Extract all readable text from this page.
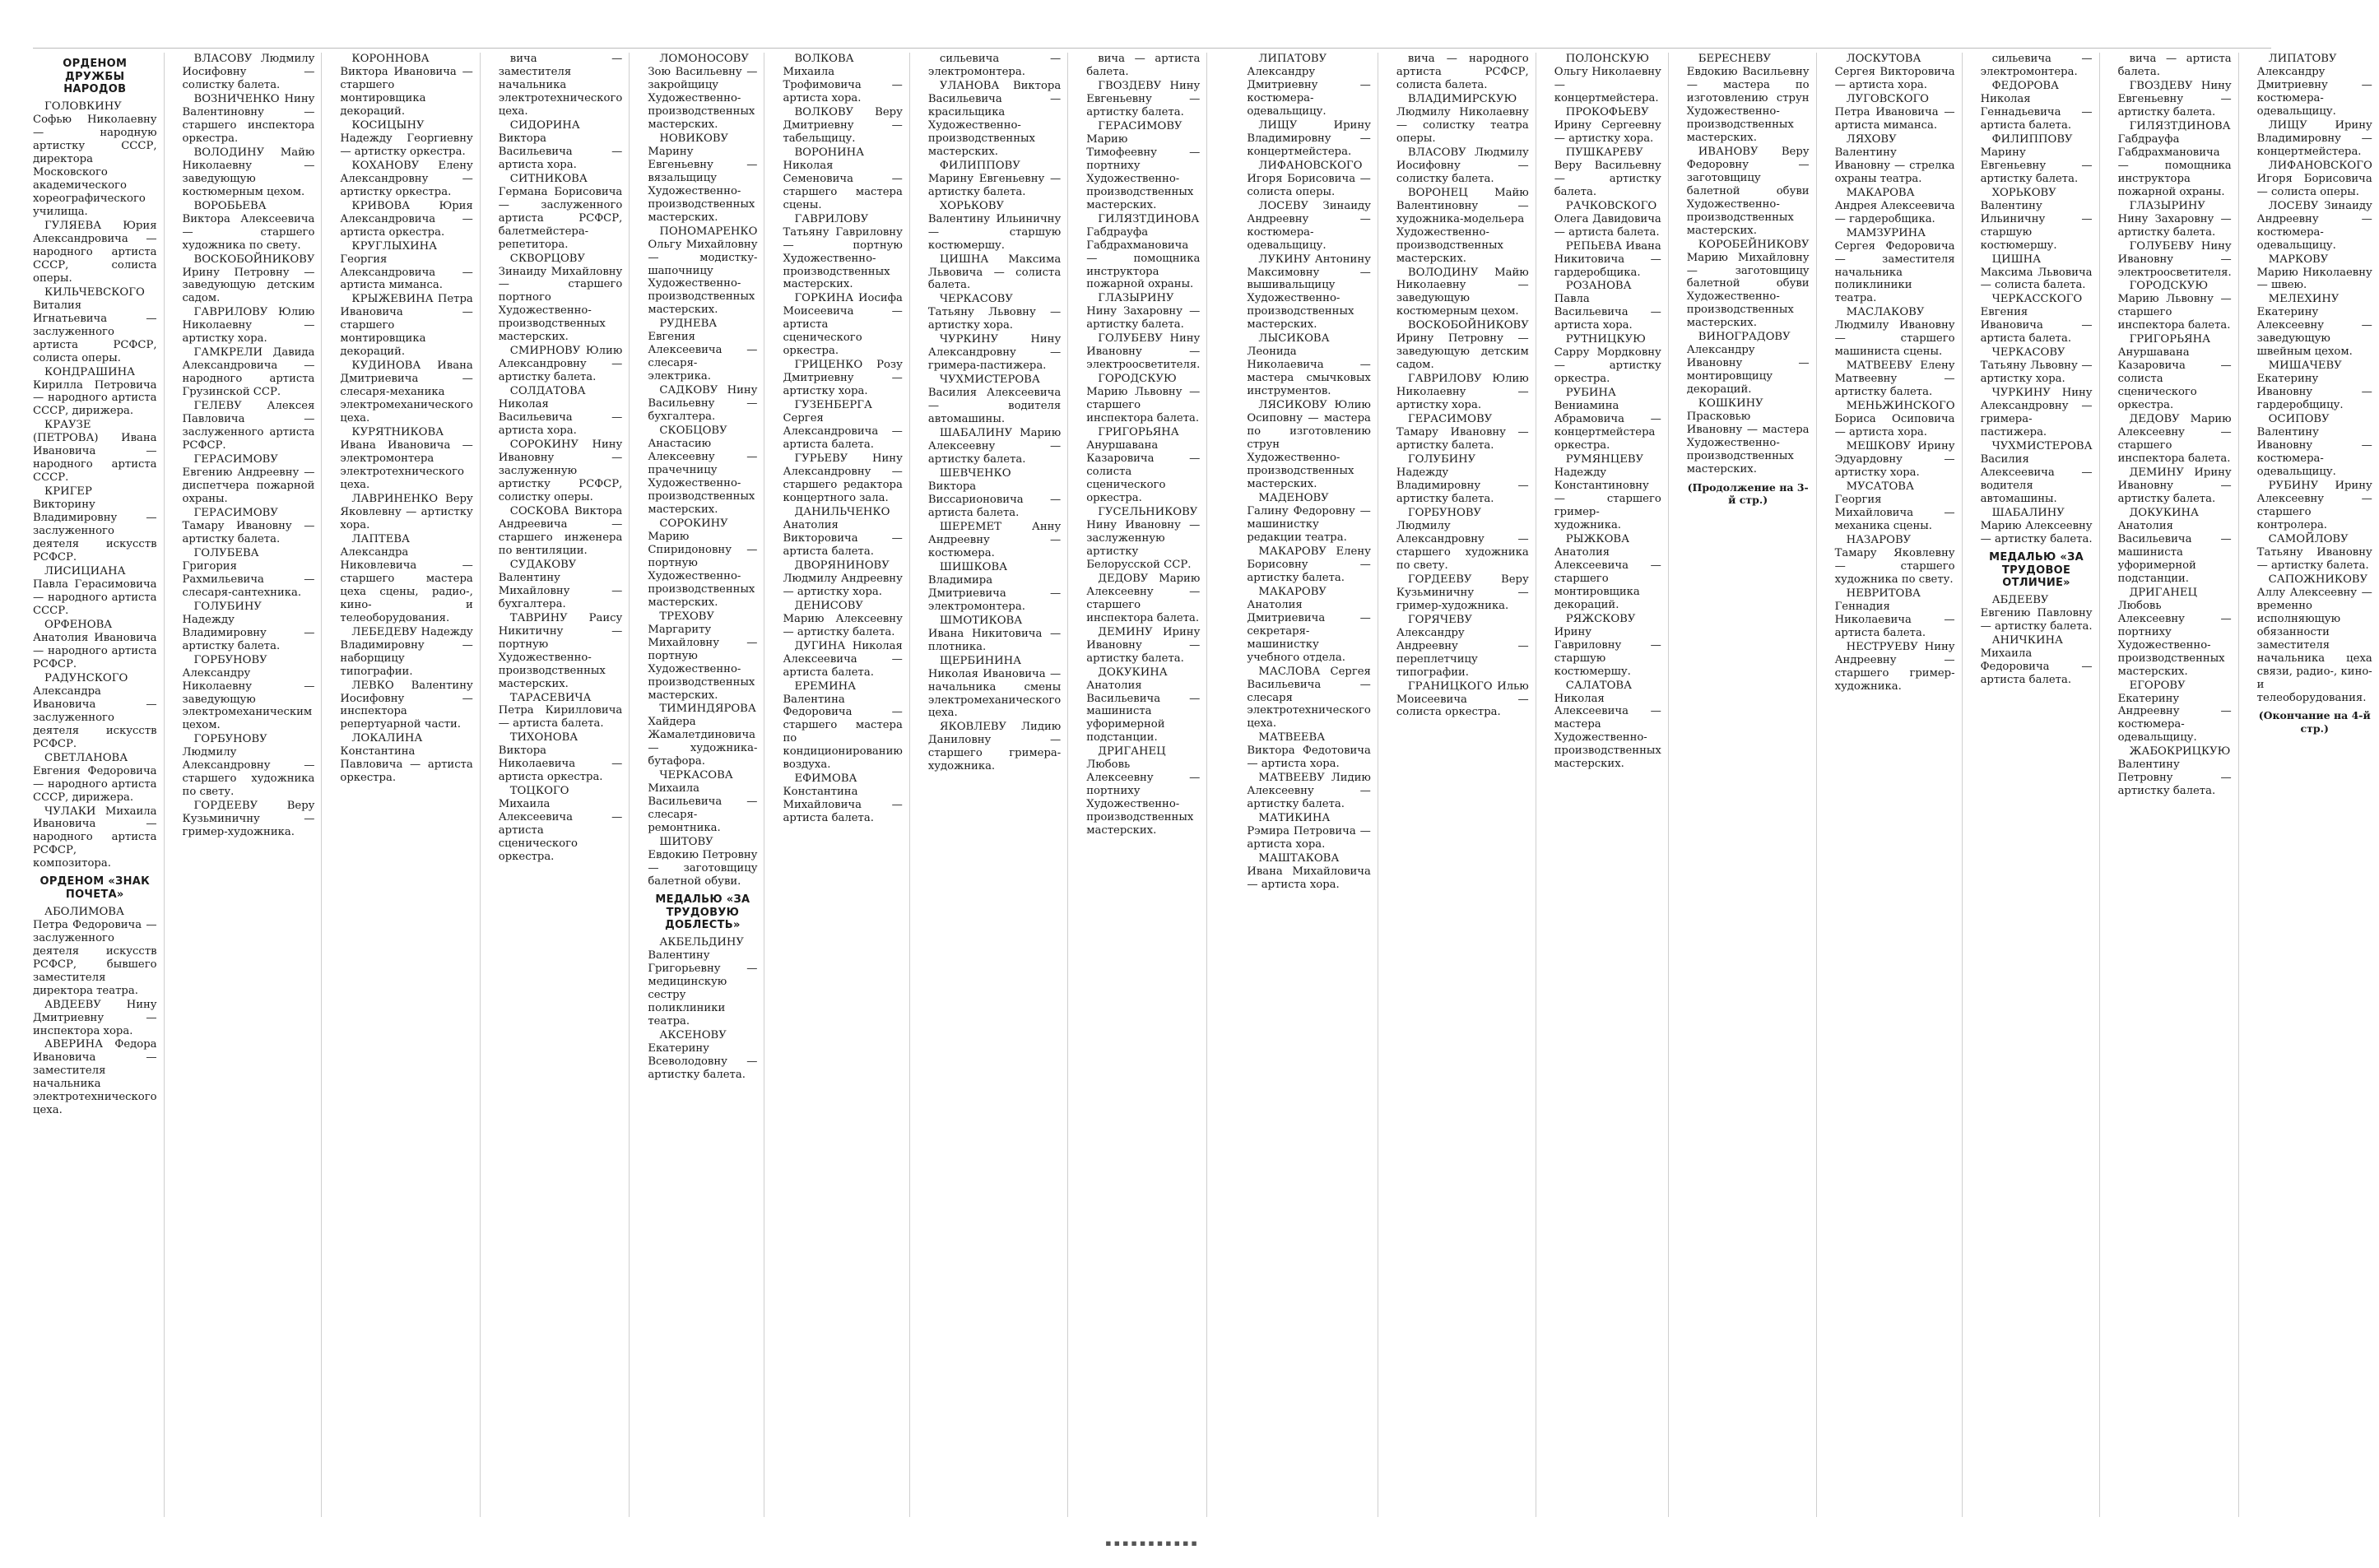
ОРДЕНОМ ДРУЖБЫ НАРОДОВ

ГОЛОВКИНУ Софью Николаевну — народную артистку СССР, директора Московского академического хореографического училища.

ГУЛЯЕВА Юрия Александровича — народного артиста СССР, солиста оперы.

КИЛЬЧЕВСКОГО Виталия Игнатьевича — заслуженного артиста РСФСР, солиста оперы.

КОНДРАШИНА Кирилла Петровича — народного артиста СССР, дирижера.

КРАУЗЕ (ПЕТРОВА) Ивана Ивановича — народного артиста СССР.

КРИГЕР Викторину Владимировну — заслуженного деятеля искусств РСФСР.

ЛИСИЦИАНА Павла Герасимовича — народного артиста СССР.

ОРФЕНОВА Анатолия Ивановича — народного артиста РСФСР.

РАДУНСКОГО Александра Ивановича — заслуженного деятеля искусств РСФСР.

СВЕТЛАНОВА Евгения Федоровича — народного артиста СССР, дирижера.

ЧУЛАКИ Михаила Ивановича — народного артиста РСФСР, композитора.

ОРДЕНОМ «ЗНАК ПОЧЕТА»

АБОЛИМОВА Петра Федоровича — заслуженного деятеля искусств РСФСР, бывшего заместителя директора театра.

АВДЕЕВУ Нину Дмитриевну — инспектора хора.

АВЕРИНА Федора Ивановича — заместителя начальника электротехнического цеха.

ВЛАСОВУ Людмилу Иосифовну — солистку балета.

ВОЗНИЧЕНКО Нину Валентиновну — старшего инспектора оркестра.

ВОЛОДИНУ Майю Николаевну — заведующую костюмерным цехом.

ВОРОБЬЕВА Виктора Алексеевича — старшего художника по свету.

ВОСКОБОЙНИКОВУ Ирину Петровну — заведующую детским садом.

ГАВРИЛОВУ Юлию Николаевну — артистку хора.

ГАМКРЕЛИ Давида Александровича — народного артиста Грузинской ССР.

ГЕЛЕВУ Алексея Павловича — заслуженного артиста РСФСР.

ГЕРАСИМОВУ Евгению Андреевну — диспетчера пожарной охраны.

ГЕРАСИМОВУ Тамару Ивановну — артистку балета.

ГОЛУБЕВА Григория Рахмильевича — слесаря-сантехника.

ГОЛУБИНУ Надежду Владимировну — артистку балета.

ГОРБУНОВУ Александру Николаевну — заведующую электромеханическим цехом.

ГОРБУНОВУ Людмилу Александровну — старшего художника по свету.

ГОРДЕЕВУ Веру Кузьминичну — гример-художника.

КОРОННОВА Виктора Ивановича — старшего монтировщика декораций.

КОСИЦЫНУ Надежду Георгиевну — артистку оркестра.

КОХАНОВУ Елену Александровну — артистку оркестра.

КРИВОВА Юрия Александровича — артиста оркестра.

КРУГЛЫХИНА Георгия Александровича — артиста миманса.

КРЫЖЕВИНА Петра Ивановича — старшего монтировщика декораций.

КУДИНОВА Ивана Дмитриевича — слесаря-механика электромеханического цеха.

КУРЯТНИКОВА Ивана Ивановича — электромонтера электротехнического цеха.

ЛАВРИНЕНКО Веру Яковлевну — артистку хора.

ЛАПТЕВА Александра Никовлевича — старшего мастера цеха сцены, радио-, кино- и телеоборудования.

ЛЕБЕДЕВУ Надежду Владимировну — наборщицу типографии.

ЛЕВКО Валентину Иосифовну — инспектора репертуарной части.

ЛОКАЛИНА Константина Павловича — артиста оркестра.

вича — заместителя начальника электротехнического цеха.

СИДОРИНА Виктора Васильевича — артиста хора.

СИТНИКОВА Германа Борисовича — заслуженного артиста РСФСР, балетмейстера-репетитора.

СКВОРЦОВУ Зинаиду Михайловну — старшего портного Художественно-производственных мастерских.

СМИРНОВУ Юлию Александровну — артистку балета.

СОЛДАТОВА Николая Васильевича — артиста хора.

СОРОКИНУ Нину Ивановну — заслуженную артистку РСФСР, солистку оперы.

СОСКОВА Виктора Андреевича — старшего инженера по вентиляции.

СУДАКОВУ Валентину Михайловну — бухгалтера.

ТАВРИНУ Раису Никитичну — портную Художественно-производственных мастерских.

ТАРАСЕВИЧА Петра Кирилловича — артиста балета.

ТИХОНОВА Виктора Николаевича — артиста оркестра.

ТОЦКОГО Михаила Алексеевича — артиста сценического оркестра.

ЛОМОНОСОВУ Зою Васильевну — закройщицу Художественно-производственных мастерских.

НОВИКОВУ Марину Евгеньевну — вязальщицу Художественно-производственных мастерских.

ПОНОМАРЕНКО Ольгу Михайловну — модистку-шапочницу Художественно-производственных мастерских.

РУДНЕВА Евгения Алексеевича — слесаря-электрика.

САДКОВУ Нину Васильевну — бухгалтера.

СКОБЦОВУ Анастасию Алексеевну — прачечницу Художественно-производственных мастерских.

СОРОКИНУ Марию Спиридоновну — портную Художественно-производственных мастерских.

ТРЕХОВУ Маргариту Михайловну — портную Художественно-производственных мастерских.

ТИМИНДЯРОВА Хайдера Жамалетдиновича — художника-бутафора.

ЧЕРКАСОВА Михаила Васильевича — слесаря-ремонтника.

ШИТОВУ Евдокию Петровну — заготовщицу балетной обуви.

МЕДАЛЬЮ «ЗА ТРУДОВУЮ ДОБЛЕСТЬ»

АКБЕЛЬДИНУ Валентину Григорьевну — медицинскую сестру поликлиники театра.

АКСЕНОВУ Екатерину Всеволодовну — артистку балета.

ВОЛКОВА Михаила Трофимовича — артиста хора.

ВОЛКОВУ Веру Дмитриевну — табельщицу.

ВОРОНИНА Николая Семеновича — старшего мастера сцены.

ГАВРИЛОВУ Татьяну Гавриловну — портную Художественно-производственных мастерских.

ГОРКИНА Иосифа Моисеевича — артиста сценического оркестра.

ГРИЦЕНКО Розу Дмитриевну — артистку хора.

ГУЗЕНБЕРГА Сергея Александровича — артиста балета.

ГУРЬЕВУ Нину Александровну — старшего редактора концертного зала.

ДАНИЛЬЧЕНКО Анатолия Викторовича — артиста балета.

ДВОРЯНИНОВУ Людмилу Андреевну — артистку хора.

ДЕНИСОВУ Марию Алексеевну — артистку балета.

ДУГИНА Николая Алексеевича — артиста балета.

ЕРЕМИНА Валентина Федоровича — старшего мастера по кондиционированию воздуха.

ЕФИМОВА Константина Михайловича — артиста балета.

сильевича — электромонтера.

УЛАНОВА Виктора Васильевича — красильщика Художественно-производственных мастерских.

ФИЛИППОВУ Марину Евгеньевну — артистку балета.

ХОРЬКОВУ Валентину Ильиничну — старшую костюмершу.

ЦИШНА Максима Львовича — солиста балета.

ЧЕРКАСОВУ Татьяну Львовну — артистку хора.

ЧУРКИНУ Нину Александровну — гримера-пастижера.

ЧУХМИСТЕРОВА Василия Алексеевича — водителя автомашины.

ШАБАЛИНУ Марию Алексеевну — артистку балета.

ШЕВЧЕНКО Виктора Виссарионовича — артиста балета.

ШЕРЕМЕТ Анну Андреевну — костюмера.

ШИШКОВА Владимира Дмитриевича — электромонтера.

ШМОТИКОВА Ивана Никитовича — плотника.

ЩЕРБИНИНА Николая Ивановича — начальника смены электромеханического цеха.

ЯКОВЛЕВУ Лидию Даниловну — старшего гримера-художника.

вича — артиста балета.

ГВОЗДЕВУ Нину Евгеньевну — артистку балета.

ГЕРАСИМОВУ Марию Тимофеевну — портниху Художественно-производственных мастерских.

ГИЛЯЗТДИНОВА Габдрауфа Габдрахмановича — помощника инструктора пожарной охраны.

ГЛАЗЫРИНУ Нину Захаровну — артистку балета.

ГОЛУБЕВУ Нину Ивановну — электроосветителя.

ГОРОДСКУЮ Марию Львовну — старшего инспектора балета.

ГРИГОРЬЯНА Ануршавана Казаровича — солиста сценического оркестра.

ГУСЕЛЬНИКОВУ Нину Ивановну — заслуженную артистку Белорусской ССР.

ДЕДОВУ Марию Алексеевну — старшего инспектора балета.

ДЕМИНУ Ирину Ивановну — артистку балета.

ДОКУКИНА Анатолия Васильевича — машиниста уфоримерной подстанции.

ДРИГАНЕЦ Любовь Алексеевну — портниху Художественно-производственных мастерских.

ЛИПАТОВУ Александру Дмитриевну — костюмера-одевальщицу.

ЛИЩУ Ирину Владимировну — концертмейстера.

ЛИФАНОВСКОГО Игоря Борисовича — солиста оперы.

ЛОСЕВУ Зинаиду Андреевну — костюмера-одевальщицу.

ЛУКИНУ Антонину Максимовну — вышивальщицу Художественно-производственных мастерских.

ЛЫСИКОВА Леонида Николаевича — мастера смычковых инструментов.

ЛЯСИКОВУ Юлию Осиповну — мастера по изготовлению струн Художественно-производственных мастерских.

МАДЕНОВУ Галину Федоровну — машинистку редакции театра.

МАКАРОВУ Елену Борисовну — артистку балета.

МАКАРОВУ Анатолия Дмитриевича — секретаря-машинистку учебного отдела.

МАСЛОВА Сергея Васильевича — слесаря электротехнического цеха.

МАТВЕЕВА Виктора Федотовича — артиста хора.

МАТВЕЕВУ Лидию Алексеевну — артистку балета.

МАТИКИНА Рэмира Петровича — артиста хора.

МАШТАКОВА Ивана Михайловича — артиста хора.

вича — народного артиста РСФСР, солиста балета.

ВЛАДИМИРСКУЮ Людмилу Николаевну — солистку театра оперы.

ВЛАСОВУ Людмилу Иосифовну — солистку балета.

ВОРОНЕЦ Майю Валентиновну — художника-модельера Художественно-производственных мастерских.

ВОЛОДИНУ Майю Николаевну — заведующую костюмерным цехом.

ВОСКОБОЙНИКОВУ Ирину Петровну — заведующую детским садом.

ГАВРИЛОВУ Юлию Николаевну — артистку хора.

ГЕРАСИМОВУ Тамару Ивановну — артистку балета.

ГОЛУБИНУ Надежду Владимировну — артистку балета.

ГОРБУНОВУ Людмилу Александровну — старшего художника по свету.

ГОРДЕЕВУ Веру Кузьминичну — гример-художника.

ГОРЯЧЕВУ Александру Андреевну — переплетчицу типографии.

ГРАНИЦКОГО Илью Моисеевича — солиста оркестра.

ПОЛОНСКУЮ Ольгу Николаевну — концертмейстера.

ПРОКОФЬЕВУ Ирину Сергеевну — артистку хора.

ПУШКАРЕВУ Веру Васильевну — артистку балета.

РАЧКОВСКОГО Олега Давидовича — артиста балета.

РЕПЬЕВА Ивана Никитовича — гардеробщика.

РОЗАНОВА Павла Васильевича — артиста хора.

РУТНИЦКУЮ Сарру Мордковну — артистку оркестра.

РУБИНА Вениамина Абрамовича — концертмейстера оркестра.

РУМЯНЦЕВУ Надежду Константиновну — старшего гример-художника.

РЫЖКОВА Анатолия Алексеевича — старшего монтировщика декораций.

РЯЖСКОВУ Ирину Гавриловну — старшую костюмершу.

САЛАТОВА Николая Алексеевича — мастера Художественно-производственных мастерских.

БЕРЕСНЕВУ Евдокию Васильевну — мастера по изготовлению струн Художественно-производственных мастерских.

ИВАНОВУ Веру Федоровну — заготовщицу балетной обуви Художественно-производственных мастерских.

КОРОБЕЙНИКОВУ Марию Михайловну — заготовщицу балетной обуви Художественно-производственных мастерских.

ВИНОГРАДОВУ Александру Ивановну — монтировщицу декораций.

КОШКИНУ Прасковью Ивановну — мастера Художественно-производственных мастерских.

(Продолжение на 3-й стр.)

ЛОСКУТОВА Сергея Викторовича — артиста хора.

ЛУГОВСКОГО Петра Ивановича — артиста миманса.

ЛЯХОВУ Валентину Ивановну — стрелка охраны театра.

МАКАРОВА Андрея Алексеевича — гардеробщика.

МАМЗУРИНА Сергея Федоровича — заместителя начальника поликлиники театра.

МАСЛАКОВУ Людмилу Ивановну — старшего машиниста сцены.

МАТВЕЕВУ Елену Матвеевну — артистку балета.

МЕНЬЖИНСКОГО Бориса Осиповича — артиста хора.

МЕШКОВУ Ирину Эдуардовну — артистку хора.

МУСАТОВА Георгия Михайловича — механика сцены.

НАЗАРОВУ Тамару Яковлевну — старшего художника по свету.

НЕВРИТОВА Геннадия Николаевича — артиста балета.

НЕСТРУЕВУ Нину Андреевну — старшего гример-художника.

сильевича — электромонтера.

ФЕДОРОВА Николая Геннадьевича — артиста балета.

ФИЛИППОВУ Марину Евгеньевну — артистку балета.

ХОРЬКОВУ Валентину Ильиничну — старшую костюмершу.

ЦИШНА Максима Львовича — солиста балета.

ЧЕРКАССКОГО Евгения Ивановича — артиста балета.

ЧЕРКАСОВУ Татьяну Львовну — артистку хора.

ЧУРКИНУ Нину Александровну — гримера-пастижера.

ЧУХМИСТЕРОВА Василия Алексеевича — водителя автомашины.

ШАБАЛИНУ Марию Алексеевну — артистку балета.

МЕДАЛЬЮ «ЗА ТРУДОВОЕ ОТЛИЧИЕ»

АБДЕЕВУ Евгению Павловну — артистку балета.

АНИЧКИНА Михаила Федоровича — артиста балета.

вича — артиста балета.

ГВОЗДЕВУ Нину Евгеньевну — артистку балета.

ГИЛЯЗТДИНОВА Габдрауфа Габдрахмановича — помощника инструктора пожарной охраны.

ГЛАЗЫРИНУ Нину Захаровну — артистку балета.

ГОЛУБЕВУ Нину Ивановну — электроосветителя.

ГОРОДСКУЮ Марию Львовну — старшего инспектора балета.

ГРИГОРЬЯНА Ануршавана Казаровича — солиста сценического оркестра.

ДЕДОВУ Марию Алексеевну — старшего инспектора балета.

ДЕМИНУ Ирину Ивановну — артистку балета.

ДОКУКИНА Анатолия Васильевича — машиниста уфоримерной подстанции.

ДРИГАНЕЦ Любовь Алексеевну — портниху Художественно-производственных мастерских.

ЕГОРОВУ Екатерину Андреевну — костюмера-одевальщицу.

ЖАБОКРИЦКУЮ Валентину Петровну — артистку балета.

ЛИПАТОВУ Александру Дмитриевну — костюмера-одевальщицу.

ЛИЩУ Ирину Владимировну — концертмейстера.

ЛИФАНОВСКОГО Игоря Борисовича — солиста оперы.

ЛОСЕВУ Зинаиду Андреевну — костюмера-одевальщицу.

МАРКОВУ Марию Николаевну — швею.

МЕЛЕХИНУ Екатерину Алексеевну — заведующую швейным цехом.

МИШАЧЕВУ Екатерину Ивановну — гардеробщицу.

ОСИПОВУ Валентину Ивановну — костюмера-одевальщицу.

РУБИНУ Ирину Алексеевну — старшего контролера.

САМОЙЛОВУ Татьяну Ивановну — артистку балета.

САПОЖНИКОВУ Аллу Алексеевну — временно исполняющую обязанности заместителя начальника цеха связи, радио-, кино- и телеоборудования.

(Окончание на 4-й стр.)
▪▪▪▪▪▪▪▪▪▪▪
